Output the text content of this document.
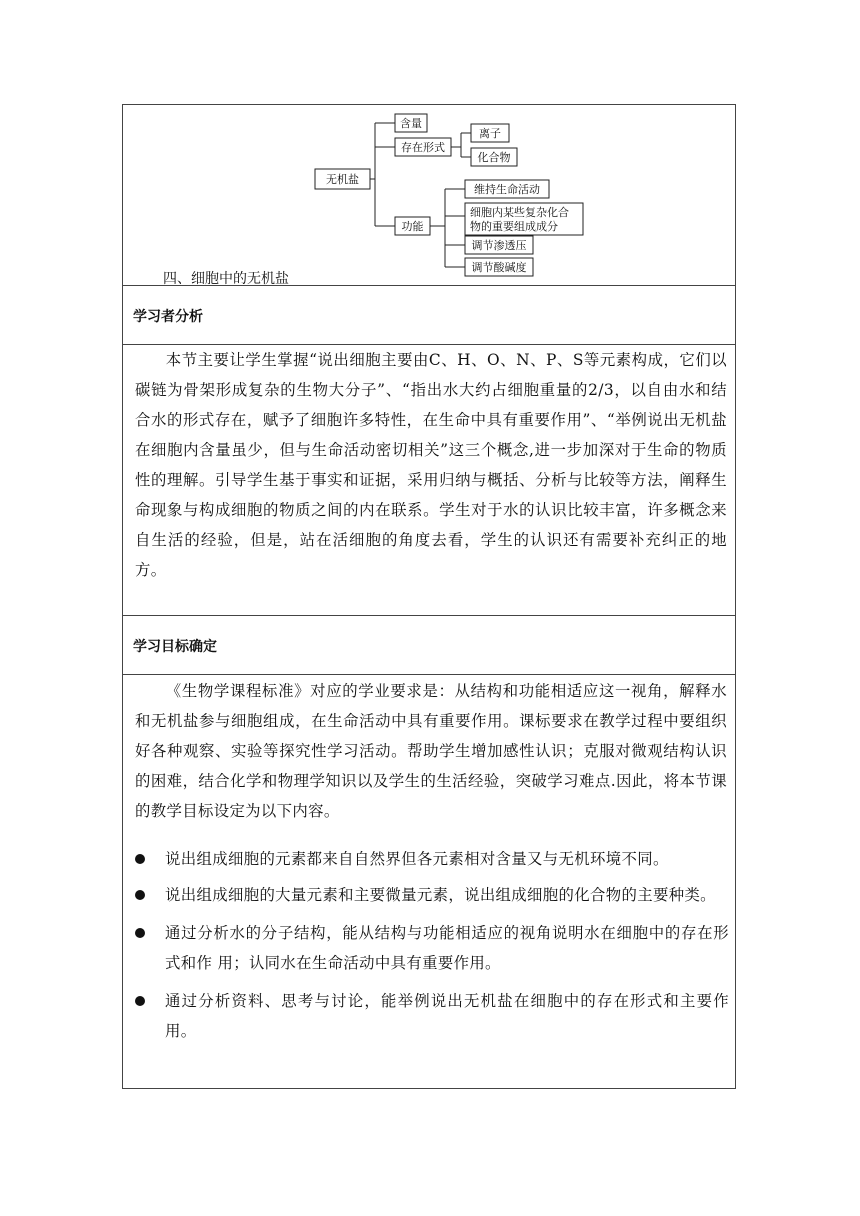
无机盐
含量
存在形式
功能
离子
化合物
维持生命活动
细胞内某些复杂化合
物的重要组成成分
调节渗透压
调节酸碱度
四、细胞中的无机盐
学习者分析
本节主要让学生掌握“说出细胞主要由C、H、O、N、P、S等元素构成，它们以碳链为骨架形成复杂的生物大分子”、“指出水大约占细胞重量的2/3，以自由水和结合水的形式存在，赋予了细胞许多特性，在生命中具有重要作用”、“举例说出无机盐在细胞内含量虽少，但与生命活动密切相关”这三个概念,进一步加深对于生命的物质性的理解。引导学生基于事实和证据，采用归纳与概括、分析与比较等方法，阐释生命现象与构成细胞的物质之间的内在联系。学生对于水的认识比较丰富，许多概念来自生活的经验，但是，站在活细胞的角度去看，学生的认识还有需要补充纠正的地方。
学习目标确定
《生物学课程标准》对应的学业要求是：从结构和功能相适应这一视角，解释水和无机盐参与细胞组成，在生命活动中具有重要作用。课标要求在教学过程中要组织好各种观察、实验等探究性学习活动。帮助学生增加感性认识；克服对微观结构认识的困难，结合化学和物理学知识以及学生的生活经验，突破学习难点.因此，将本节课的教学目标设定为以下内容。
说出组成细胞的元素都来自自然界但各元素相对含量又与无机环境不同。
说出组成细胞的大量元素和主要微量元素，说出组成细胞的化合物的主要种类。
通过分析水的分子结构，能从结构与功能相适应的视角说明水在细胞中的存在形式和作 用；认同水在生命活动中具有重要作用。
通过分析资料、思考与讨论，能举例说出无机盐在细胞中的存在形式和主要作用。
